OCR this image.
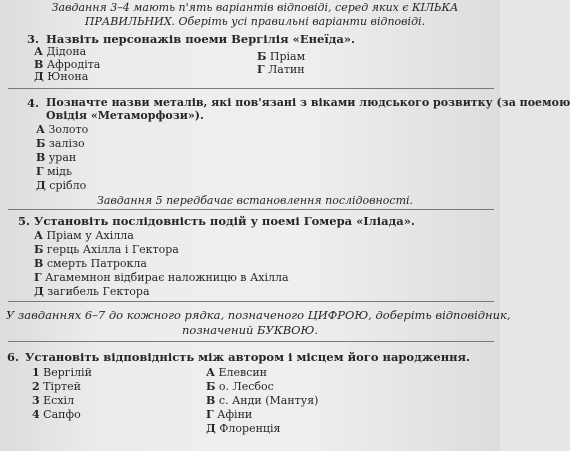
Завдання 3–4 мають п'ять варіантів відповіді, серед яких є КІЛЬКА
ПРАВИЛЬНИХ. Оберіть усі правильні варіанти відповіді.
3. Назвіть персонажів поеми Вергілія «Енеїда».
А Дідона	Б Пріам
В Афродіта	Г Латин
Д Юнона
4. Позначте назви металів, які пов'язані з віками людського розвитку (за поемою
Овідія «Метаморфози»).
А Золото
Б залізо
В уран
Г мідь
Д срібло
Завдання 5 передбачає встановлення послідовності.
5. Установіть послідовність подій у поемі Гомера «Іліада».
А Пріам у Ахілла
Б герць Ахілла і Гектора
В смерть Патрокла
Г Агамемнон відбирає наложницю в Ахілла
Д загибель Гектора
У завданнях 6–7 до кожного рядка, позначеного ЦИФРОЮ, доберіть відповідник,
позначений БУКВОЮ.
6. Установіть відповідність між автором і місцем його народження.
1 Вергілій
2 Тіртей
3 Есхіл
4 Сапфо
А Елевсин
Б о. Лесбос
В с. Анди (Мантуя)
Г Афіни
Д Флоренція
